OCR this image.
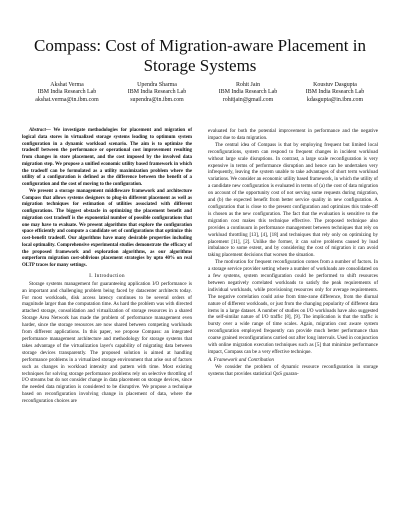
Compass: Cost of Migration-aware Placement in Storage Systems
Akshat Verma
IBM India Research Lab
akshat.verma@in.ibm.com
Upendra Sharma
IBM India Research Lab
supendra@in.ibm.com
Rohit Jain
IBM India Research Lab
rohitjain@gmail.com
Koustuv Dasgupta
IBM India Research Lab
kdasgupta@in.ibm.com

Abstract— We investigate methodologies for placement and migration of logical data stores in virtualized storage systems leading to optimum system configuration in a dynamic workload scenario. The aim is to optimize the tradeoff between the performance or operational cost improvement resulting from changes in store placement, and the cost imposed by the involved data migration step. We propose a unified economic utility based framework in which the tradeoff can be formulated as a utility maximization problem where the utility of a configuration is defined as the difference between the benefit of a configuration and the cost of moving to the configuration.

We present a storage management middleware framework and architecture Compass that allows systems designers to plug-in different placement as well as migration techniques for estimation of utilities associated with different configurations. The biggest obstacle in optimizing the placement benefit and migration cost tradeoff is the exponential number of possible configurations that one may have to evaluate. We present algorithms that explore the configuration space efficiently and compute a candidate set of configurations that optimize this cost-benefit tradeoff. Our algorithms have many desirable properties including local optimality. Comprehensive experimental studies demonstrate the efficacy of the proposed framework and exploration algorithms, as our algorithms outperform migration cost-oblivious placement strategies by upto 40% on real OLTP traces for many settings.

I. Introduction

Storage systems management for guaranteeing application I/O performance is an important and challenging problem being faced by datacenter architects today. For most workloads, disk access latency continues to be several orders of magnitude larger than the computation time. As hard the problem was with directed attached storage, consolidation and virtualization of storage resources in a shared Storage Area Network has made the problem of performance management even harder, since the storage resources are now shared between competing workloads from different applications. In this paper, we propose Compass: an integrated performance management architecture and methodology for storage systems that takes advantage of the virtualization layer's capability of migrating data between storage devices transparently. The proposed solution is aimed at handling performance problems in a virtualized storage environment that arise out of factors such as changes in workload intensity and pattern with time. Most existing techniques for solving storage performance problems rely on selective throttling of I/O streams but do not consider change in data placement on storage devices, since the needed data migration is considered to be disruptive. We propose a technique based on reconfiguration involving change in placement of data, where the reconfiguration choices are

evaluated for both the potential improvement in performance and the negative impact due to data migration.

The central idea of Compass is that by employing frequent but limited local reconfigurations, system can respond to frequent changes in incident workload without large scale disruptions. In contrast, a large scale reconfiguration is very expensive in terms of performance disruption and hence can be undertaken very infrequently, leaving the system unable to take advantages of short term workload variations. We consider an economic utility based framework, in which the utility of a candidate new configuration is evaluated in terms of (a) the cost of data migration on account of the opportunity cost of not serving some requests during migration, and (b) the expected benefit from better service quality in new configuration. A configuration that is close to the present configuration and optimizes this trade-off is chosen as the new configuration. The fact that the evaluation is sensitive to the migration cost makes this technique effective. The proposed technique also provides a continuum in performance management between techniques that rely on workload throttling [13], [4], [18] and techniques that rely only on optimizing by placement [11], [2]. Unlike the former, it can solve problems caused by load imbalance to some extent, and by considering the cost of migration it can avoid taking placement decisions that worsen the situation.

The motivation for frequent reconfiguration comes from a number of factors. In a storage service provider setting where a number of workloads are consolidated on a few systems, system reconfiguration could be performed to shift resources between negatively correlated workloads to satisfy the peak requirements of individual workloads, while provisioning resources only for average requirements. The negative correlation could arise from time-zone difference, from the diurnal nature of different workloads, or just from the changing popularity of different data items in a large dataset. A number of studies on I/O workloads have also suggested the self-similar nature of I/O traffic [8], [9]. The implication is that the traffic is bursty over a wide range of time scales. Again, migration cost aware system reconfiguration employed frequently can provide much better performance than coarse grained reconfigurations carried out after long intervals. Used in conjunction with online migration execution techniques such as [5] that minimize performance impact, Compass can be a very effective technique.

A. Framework and Contribution

We consider the problem of dynamic resource reconfiguration in storage systems that provides statistical QoS guaran-
